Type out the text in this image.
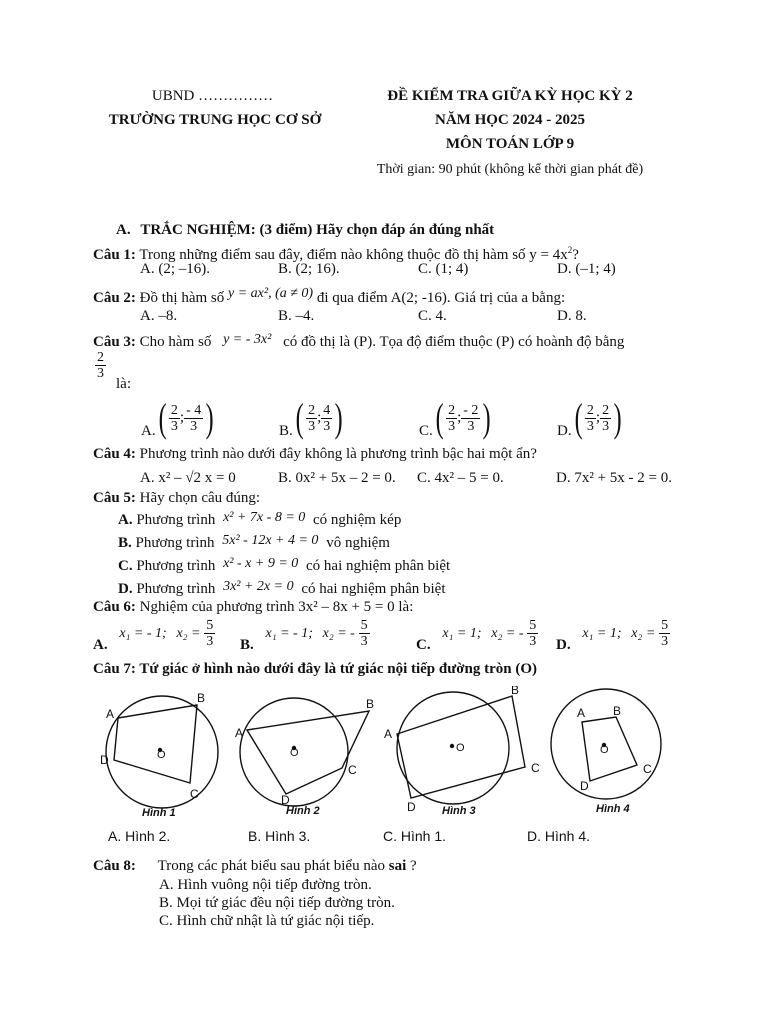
UBND ……………
TRƯỜNG TRUNG HỌC CƠ SỞ
ĐỀ KIỂM TRA GIỮA KỲ HỌC KỲ 2
NĂM HỌC 2024 - 2025
MÔN TOÁN LỚP 9
Thời gian: 90 phút (không kể thời gian phát đề)
A. TRẮC NGHIỆM: (3 điểm) Hãy chọn đáp án đúng nhất
Câu 1: Trong những điểm sau đây, điểm nào không thuộc đồ thị hàm số $y = 4x^2$?
A. (2; –16).	B. (2; 16).	C. (1; 4)	D. (–1; 4)
Câu 2: Đồ thị hàm số y = ax², (a ≠ 0) đi qua điểm A(2; -16). Giá trị của a bằng:
A. –8.	B. –4.	C. 4.	D. 8.
Câu 3: Cho hàm số y = - 3x² có đồ thị là (P). Tọa độ điểm thuộc (P) có hoành độ bằng
$\frac{2}{3}$
là:
$A.( \frac{2}{3}$ ; $\frac{- 4}{3}$ )	$B.( \frac{2}{3}$ ; $\frac{4}{3}$ )	$C.( \frac{2}{3}$ ; $\frac{- 2}{3}$ )	$D.( \frac{2}{3}$ ; $\frac{2}{3}$ )
Câu 4: Phương trình nào dưới đây không là phương trình bậc hai một ẩn?
A. x² – √2 x = 0	B. 0x² + 5x – 2 = 0. C. 4x² – 5 = 0.	D. 7x² + 5x - 2 = 0.
Câu 5: Hãy chọn câu đúng:
A. Phương trình x² + 7x - 8 = 0 có nghiệm kép
B. Phương trình 5x² - 12x + 4 = 0 vô nghiệm
C. Phương trình x² - x + 9 = 0 có hai nghiệm phân biệt
D. Phương trình 3x² + 2x = 0 có hai nghiệm phân biệt
Câu 6: Nghiệm của phương trình 3x² – 8x + 5 = 0 là:
A. x₁ = - 1; $x_2 = \frac{5}{3} B$. x₁ = - 1; x₂ = - $\frac{5}{3}$	C. x₁ = 1; x₂ = - $\frac{5}{3} D$. x₁ = 1; $x_2 = \frac{5}{3}$
Câu 7: Tứ giác ở hình nào dưới đây là tứ giác nội tiếp đường tròn (O)
A
B
C
D	O
A
B
C
D
O
A
B
C
D
O
A B
C
D
O
Hình 1	Hình 2	Hình 3	Hình 4
A. Hình 2.	B. Hình 3.	C. Hình 1.	D. Hình 4.
Câu 8: Trong các phát biểu sau phát biểu nào sai ?
A. Hình vuông nội tiếp đường tròn.
B. Mọi tứ giác đều nội tiếp đường tròn.
C. Hình chữ nhật là tứ giác nội tiếp.
